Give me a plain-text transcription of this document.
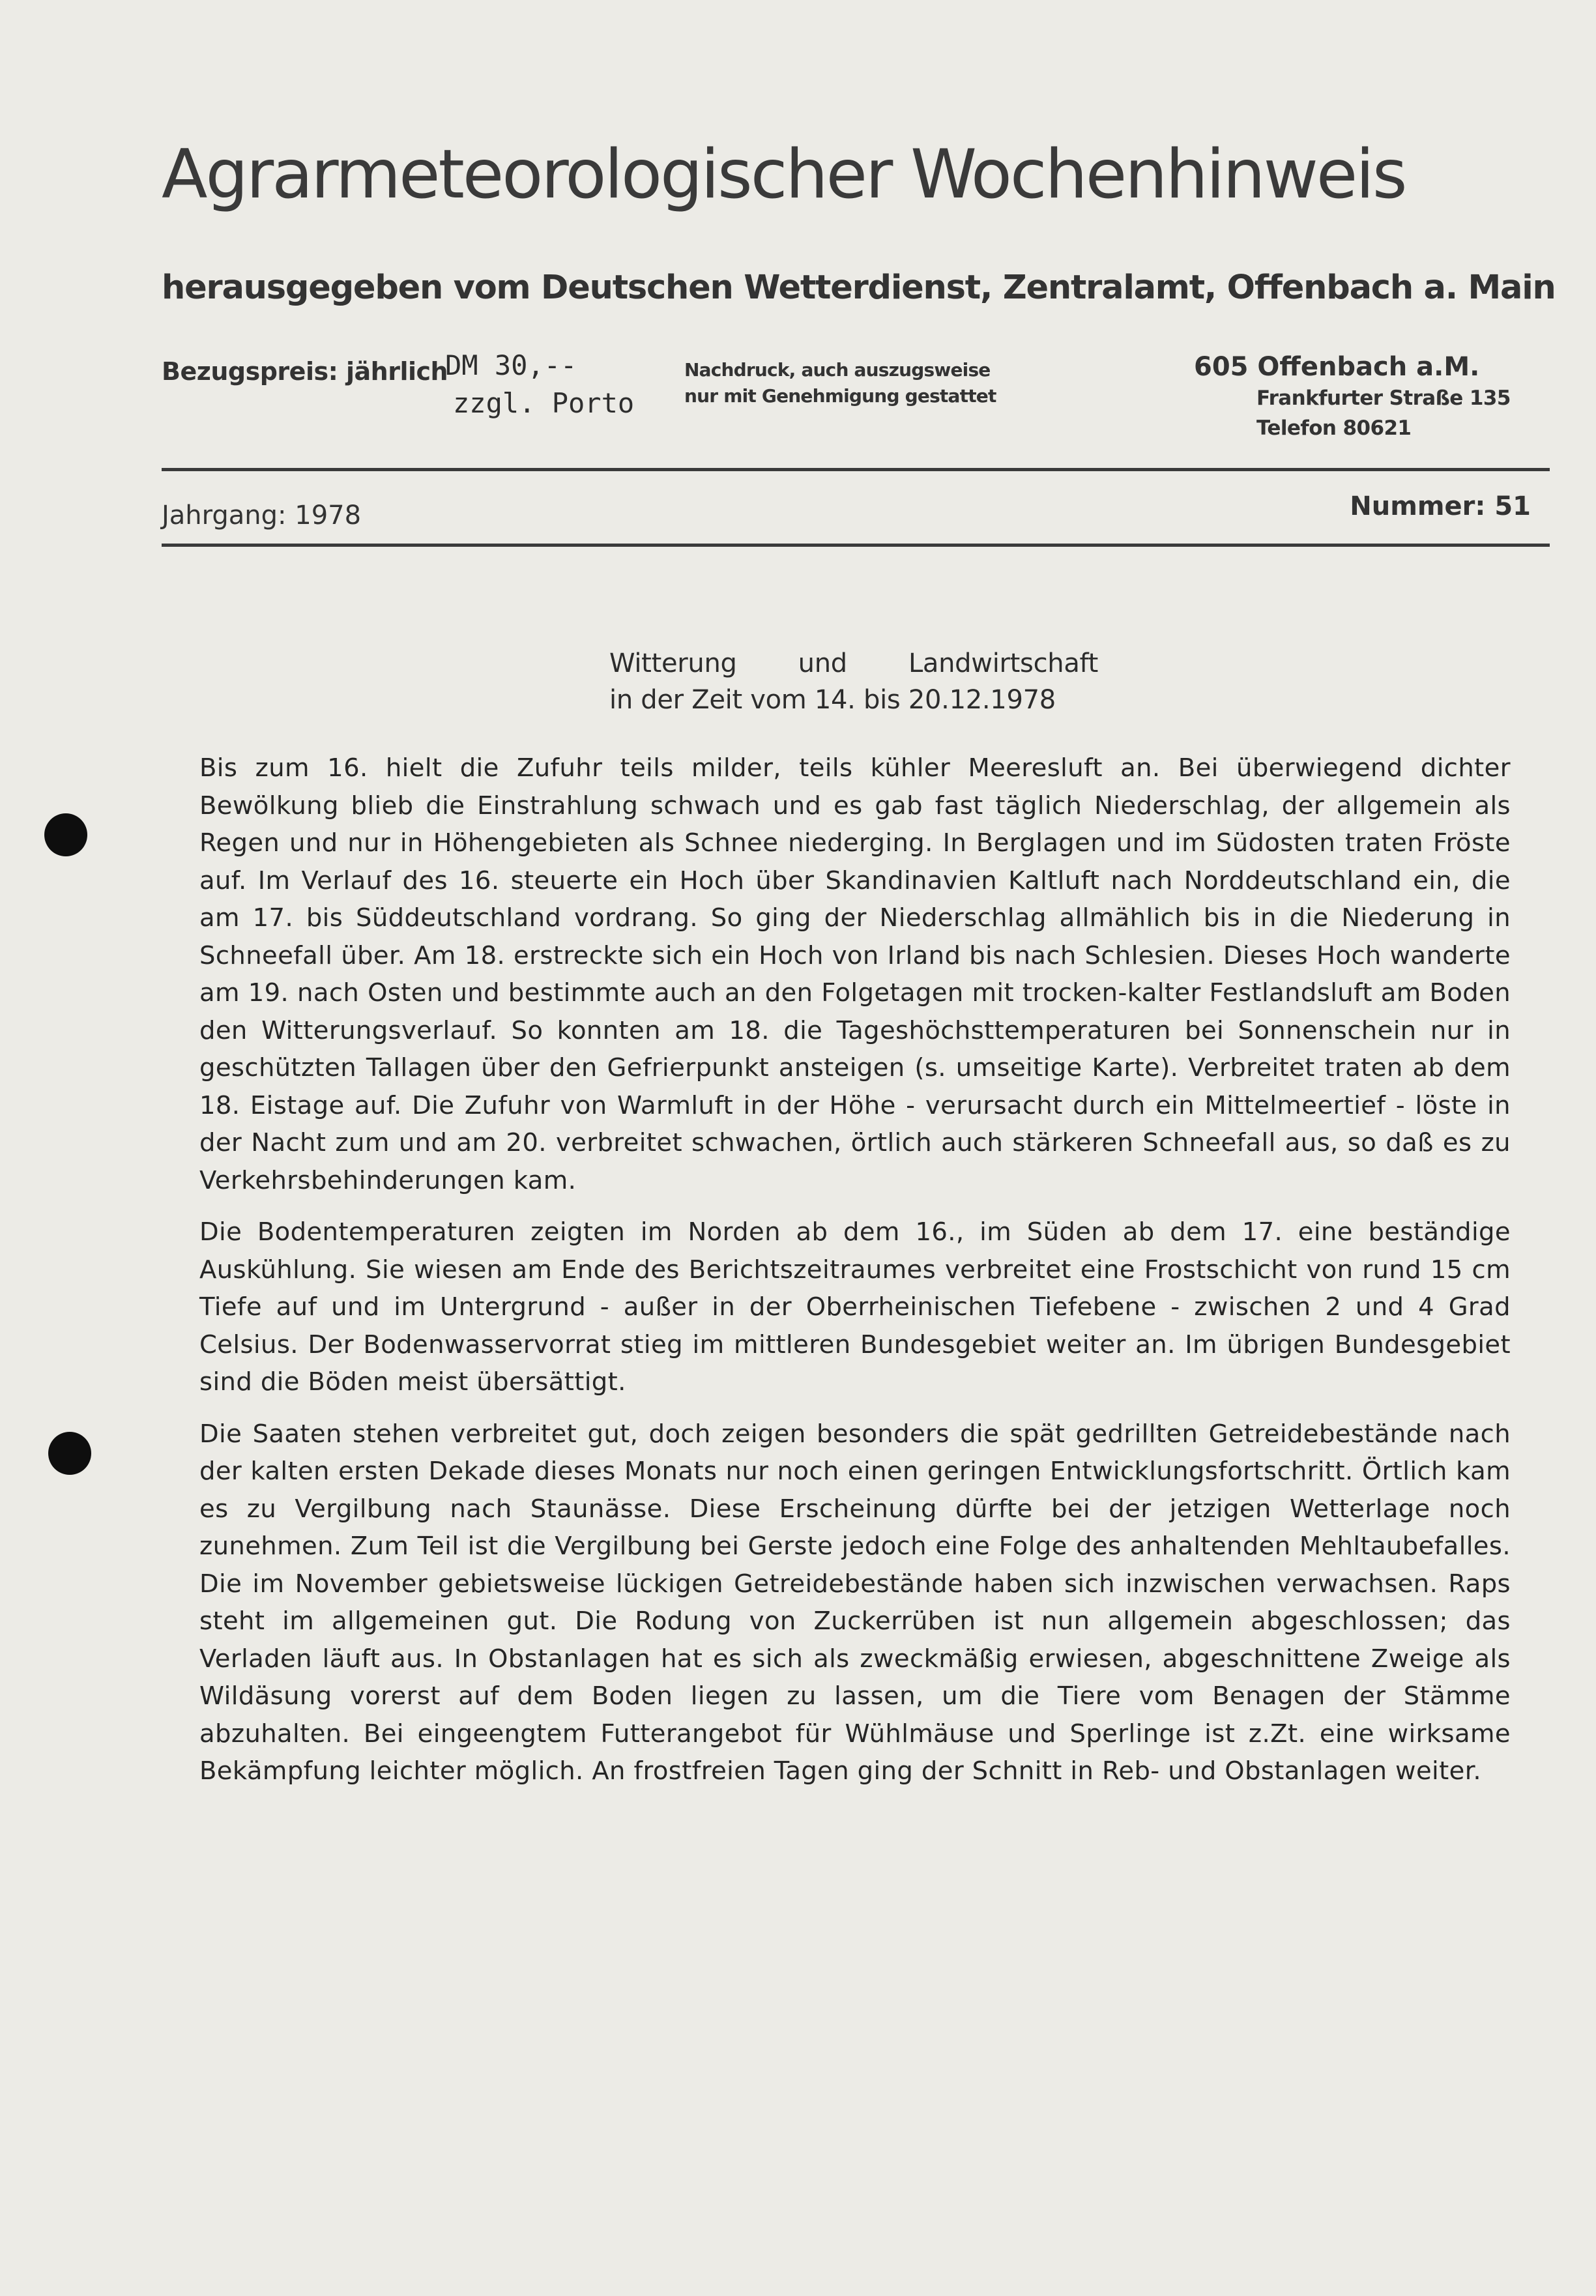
Agrarmeteorologischer Wochenhinweis
herausgegeben vom Deutschen Wetterdienst, Zentralamt, Offenbach a. Main
Bezugspreis: jährlich
DM 30,--
zzgl. Porto
Nachdruck, auch auszugsweise
nur mit Genehmigung gestattet
605 Offenbach a.M.
Frankfurter Straße 135
Telefon 80621
Jahrgang: 1978	Nummer: 51
Witterung und Landwirtschaft
in der Zeit vom 14. bis 20.12.1978

Bis zum 16. hielt die Zufuhr teils milder, teils kühler Meeresluft an. Bei überwiegend dichter Bewölkung blieb die Einstrahlung schwach und es gab fast täglich Niederschlag, der allgemein als Regen und nur in Höhengebieten als Schnee niederging. In Berglagen und im Südosten traten Fröste auf. Im Verlauf des 16. steuerte ein Hoch über Skandinavien Kaltluft nach Norddeutschland ein, die am 17. bis Süddeutschland vordrang. So ging der Niederschlag allmählich bis in die Niederung in Schneefall über. Am 18. erstreckte sich ein Hoch von Irland bis nach Schlesien. Dieses Hoch wanderte am 19. nach Osten und bestimmte auch an den Folgetagen mit trocken-kalter Festlandsluft am Boden den Witterungsverlauf. So konnten am 18. die Tageshöchsttemperaturen bei Sonnenschein nur in geschützten Tallagen über den Gefrierpunkt ansteigen (s. umseitige Karte). Verbreitet traten ab dem 18. Eistage auf. Die Zufuhr von Warmluft in der Höhe - verursacht durch ein Mittelmeertief - löste in der Nacht zum und am 20. verbreitet schwachen, örtlich auch stärkeren Schneefall aus, so daß es zu Verkehrsbehinderungen kam.

Die Bodentemperaturen zeigten im Norden ab dem 16., im Süden ab dem 17. eine beständige Auskühlung. Sie wiesen am Ende des Berichtszeitraumes verbreitet eine Frostschicht von rund 15 cm Tiefe auf und im Untergrund - außer in der Oberrheinischen Tiefebene - zwischen 2 und 4 Grad Celsius. Der Bodenwasservorrat stieg im mittleren Bundesgebiet weiter an. Im übrigen Bundesgebiet sind die Böden meist übersättigt.

Die Saaten stehen verbreitet gut, doch zeigen besonders die spät gedrillten Getreidebestände nach der kalten ersten Dekade dieses Monats nur noch einen geringen Entwicklungsfortschritt. Örtlich kam es zu Vergilbung nach Staunässe. Diese Erscheinung dürfte bei der jetzigen Wetterlage noch zunehmen. Zum Teil ist die Vergilbung bei Gerste jedoch eine Folge des anhaltenden Mehltaubefalles. Die im November gebietsweise lückigen Getreidebestände haben sich inzwischen verwachsen. Raps steht im allgemeinen gut. Die Rodung von Zuckerrüben ist nun allgemein abgeschlossen; das Verladen läuft aus. In Obstanlagen hat es sich als zweckmäßig erwiesen, abgeschnittene Zweige als Wildäsung vorerst auf dem Boden liegen zu lassen, um die Tiere vom Benagen der Stämme abzuhalten. Bei eingeengtem Futterangebot für Wühlmäuse und Sperlinge ist z.Zt. eine wirksame Bekämpfung leichter möglich. An frostfreien Tagen ging der Schnitt in Reb- und Obstanlagen weiter.
